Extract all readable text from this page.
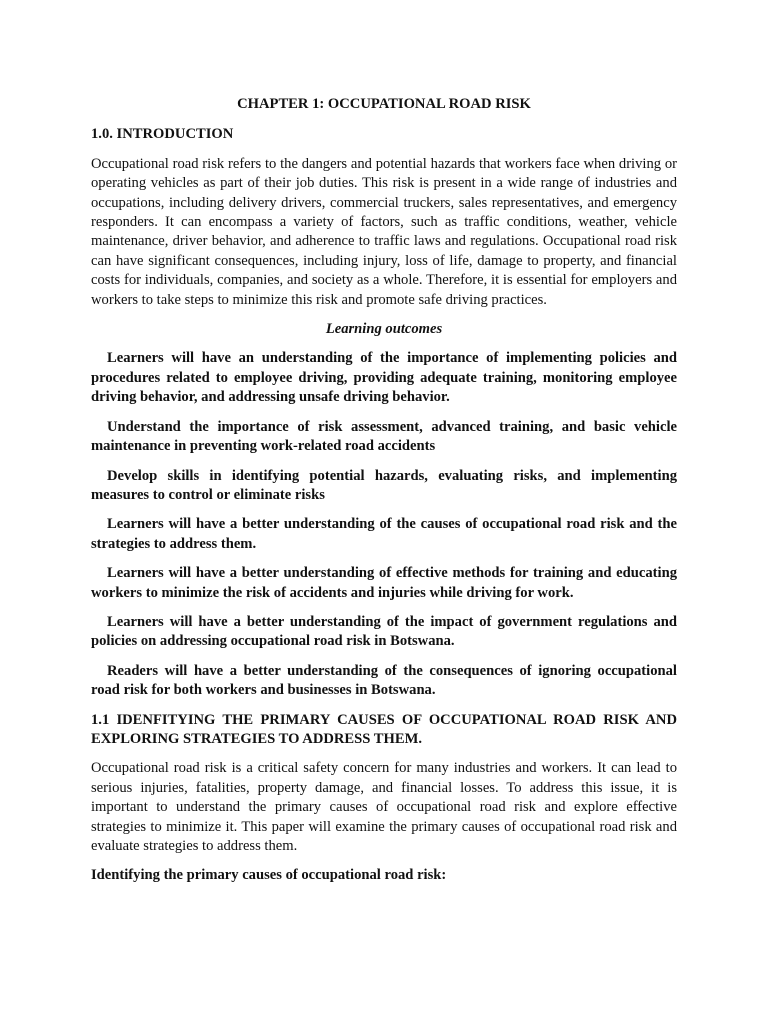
CHAPTER 1: OCCUPATIONAL ROAD RISK
1.0. INTRODUCTION

Occupational road risk refers to the dangers and potential hazards that workers face when driving or operating vehicles as part of their job duties. This risk is present in a wide range of industries and occupations, including delivery drivers, commercial truckers, sales representatives, and emergency responders. It can encompass a variety of factors, such as traffic conditions, weather, vehicle maintenance, driver behavior, and adherence to traffic laws and regulations. Occupational road risk can have significant consequences, including injury, loss of life, damage to property, and financial costs for individuals, companies, and society as a whole. Therefore, it is essential for employers and workers to take steps to minimize this risk and promote safe driving practices.

Learning outcomes

Learners will have an understanding of the importance of implementing policies and procedures related to employee driving, providing adequate training, monitoring employee driving behavior, and addressing unsafe driving behavior.

Understand the importance of risk assessment, advanced training, and basic vehicle maintenance in preventing work-related road accidents

Develop skills in identifying potential hazards, evaluating risks, and implementing measures to control or eliminate risks

Learners will have a better understanding of the causes of occupational road risk and the strategies to address them.

Learners will have a better understanding of effective methods for training and educating workers to minimize the risk of accidents and injuries while driving for work.

Learners will have a better understanding of the impact of government regulations and policies on addressing occupational road risk in Botswana.

Readers will have a better understanding of the consequences of ignoring occupational road risk for both workers and businesses in Botswana.

1.1 IDENFITYING THE PRIMARY CAUSES OF OCCUPATIONAL ROAD RISK AND EXPLORING STRATEGIES TO ADDRESS THEM.

Occupational road risk is a critical safety concern for many industries and workers. It can lead to serious injuries, fatalities, property damage, and financial losses. To address this issue, it is important to understand the primary causes of occupational road risk and explore effective strategies to minimize it. This paper will examine the primary causes of occupational road risk and evaluate strategies to address them.

Identifying the primary causes of occupational road risk:
